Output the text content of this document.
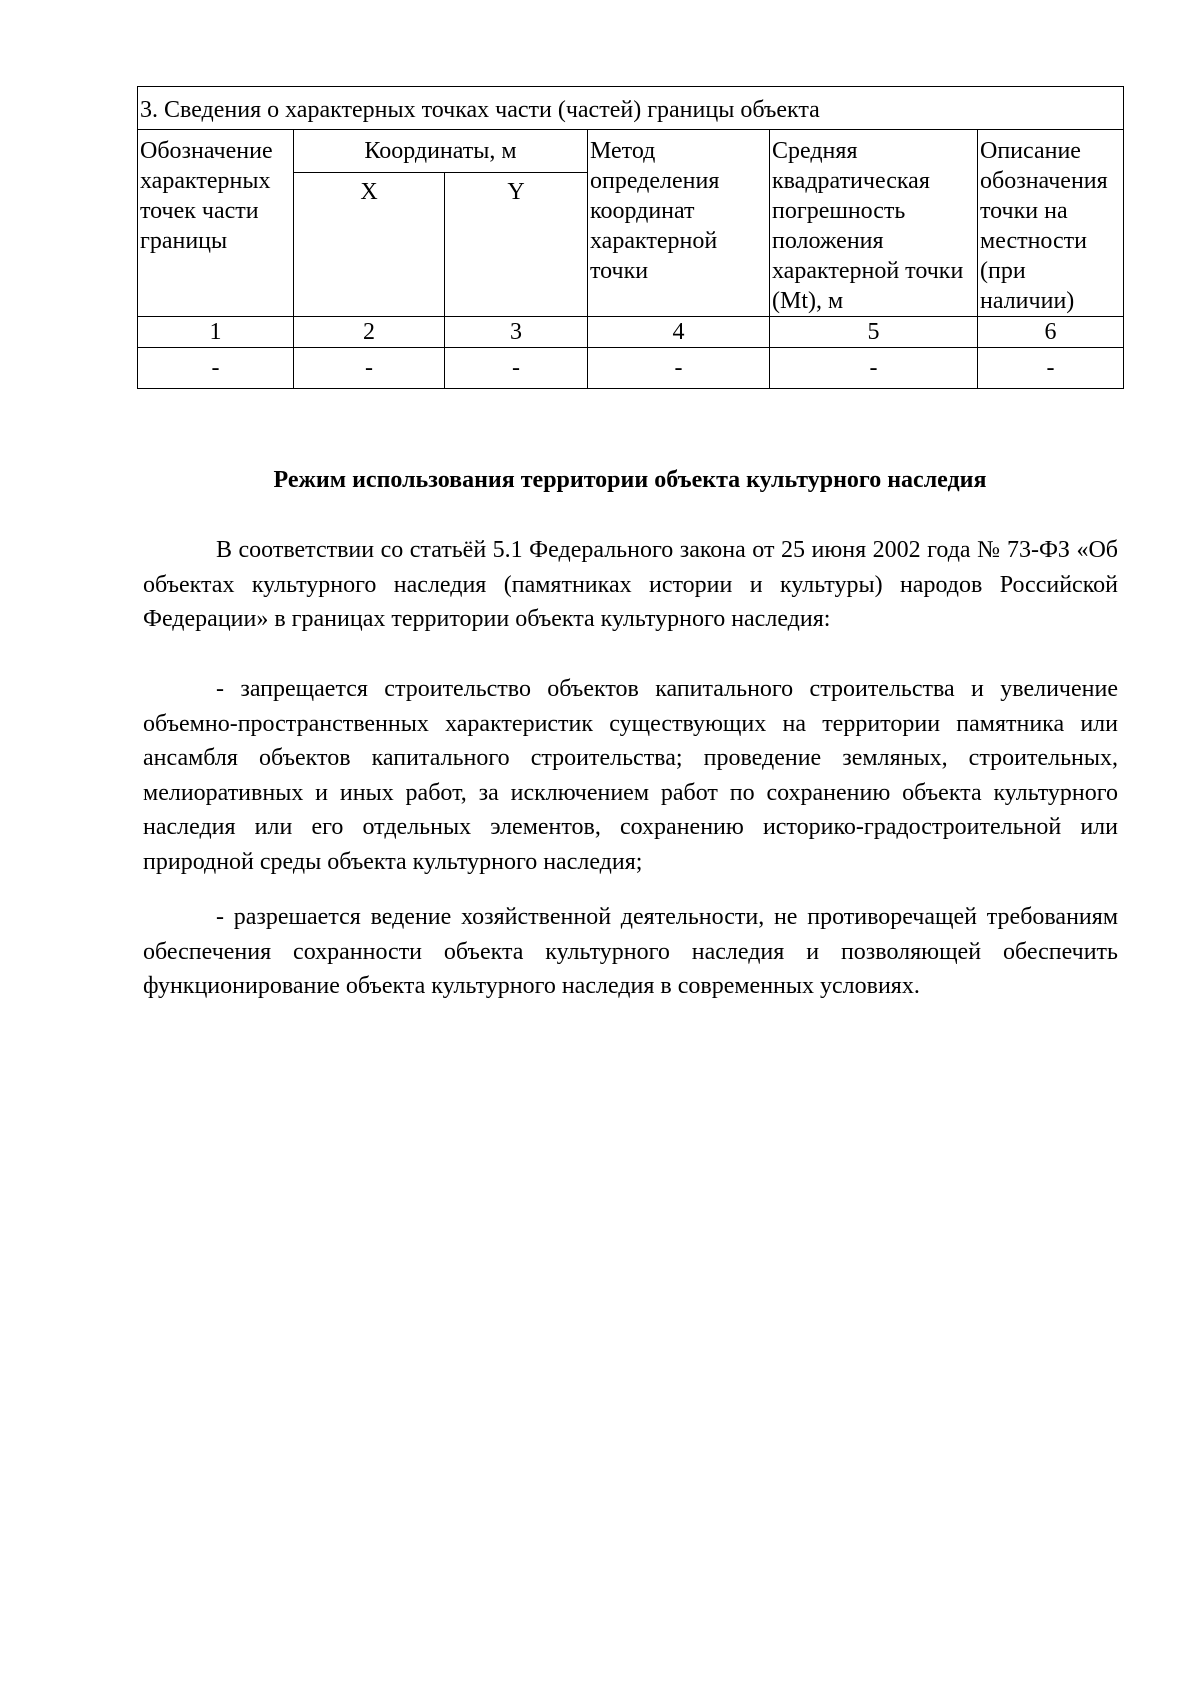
3. Сведения о характерных точках части (частей) границы объекта					
Обозначение характерных точек части границы	Координаты, м		Метод определения координат характерной точки	Средняя квадратическая погрешность положения характерной точки (Mt), м	Описание обозначения точки на местности (при наличии)
	X	Y			
1	2	3	4	5	6
-	-	-	-	-	-
Режим использования территории объекта культурного наследия

В соответствии со статьёй 5.1 Федерального закона от 25 июня 2002 года № 73-ФЗ «Об объектах культурного наследия (памятниках истории и культуры) народов Российской Федерации» в границах территории объекта культурного наследия:

- запрещается строительство объектов капитального строительства и увеличение объемно-пространственных характеристик существующих на территории памятника или ансамбля объектов капитального строительства; проведение земляных, строительных, мелиоративных и иных работ, за исключением работ по сохранению объекта культурного наследия или его отдельных элементов, сохранению историко-градостроительной или природной среды объекта культурного наследия;

- разрешается ведение хозяйственной деятельности, не противоречащей требованиям обеспечения сохранности объекта культурного наследия и позволяющей обеспечить функционирование объекта культурного наследия в современных условиях.
